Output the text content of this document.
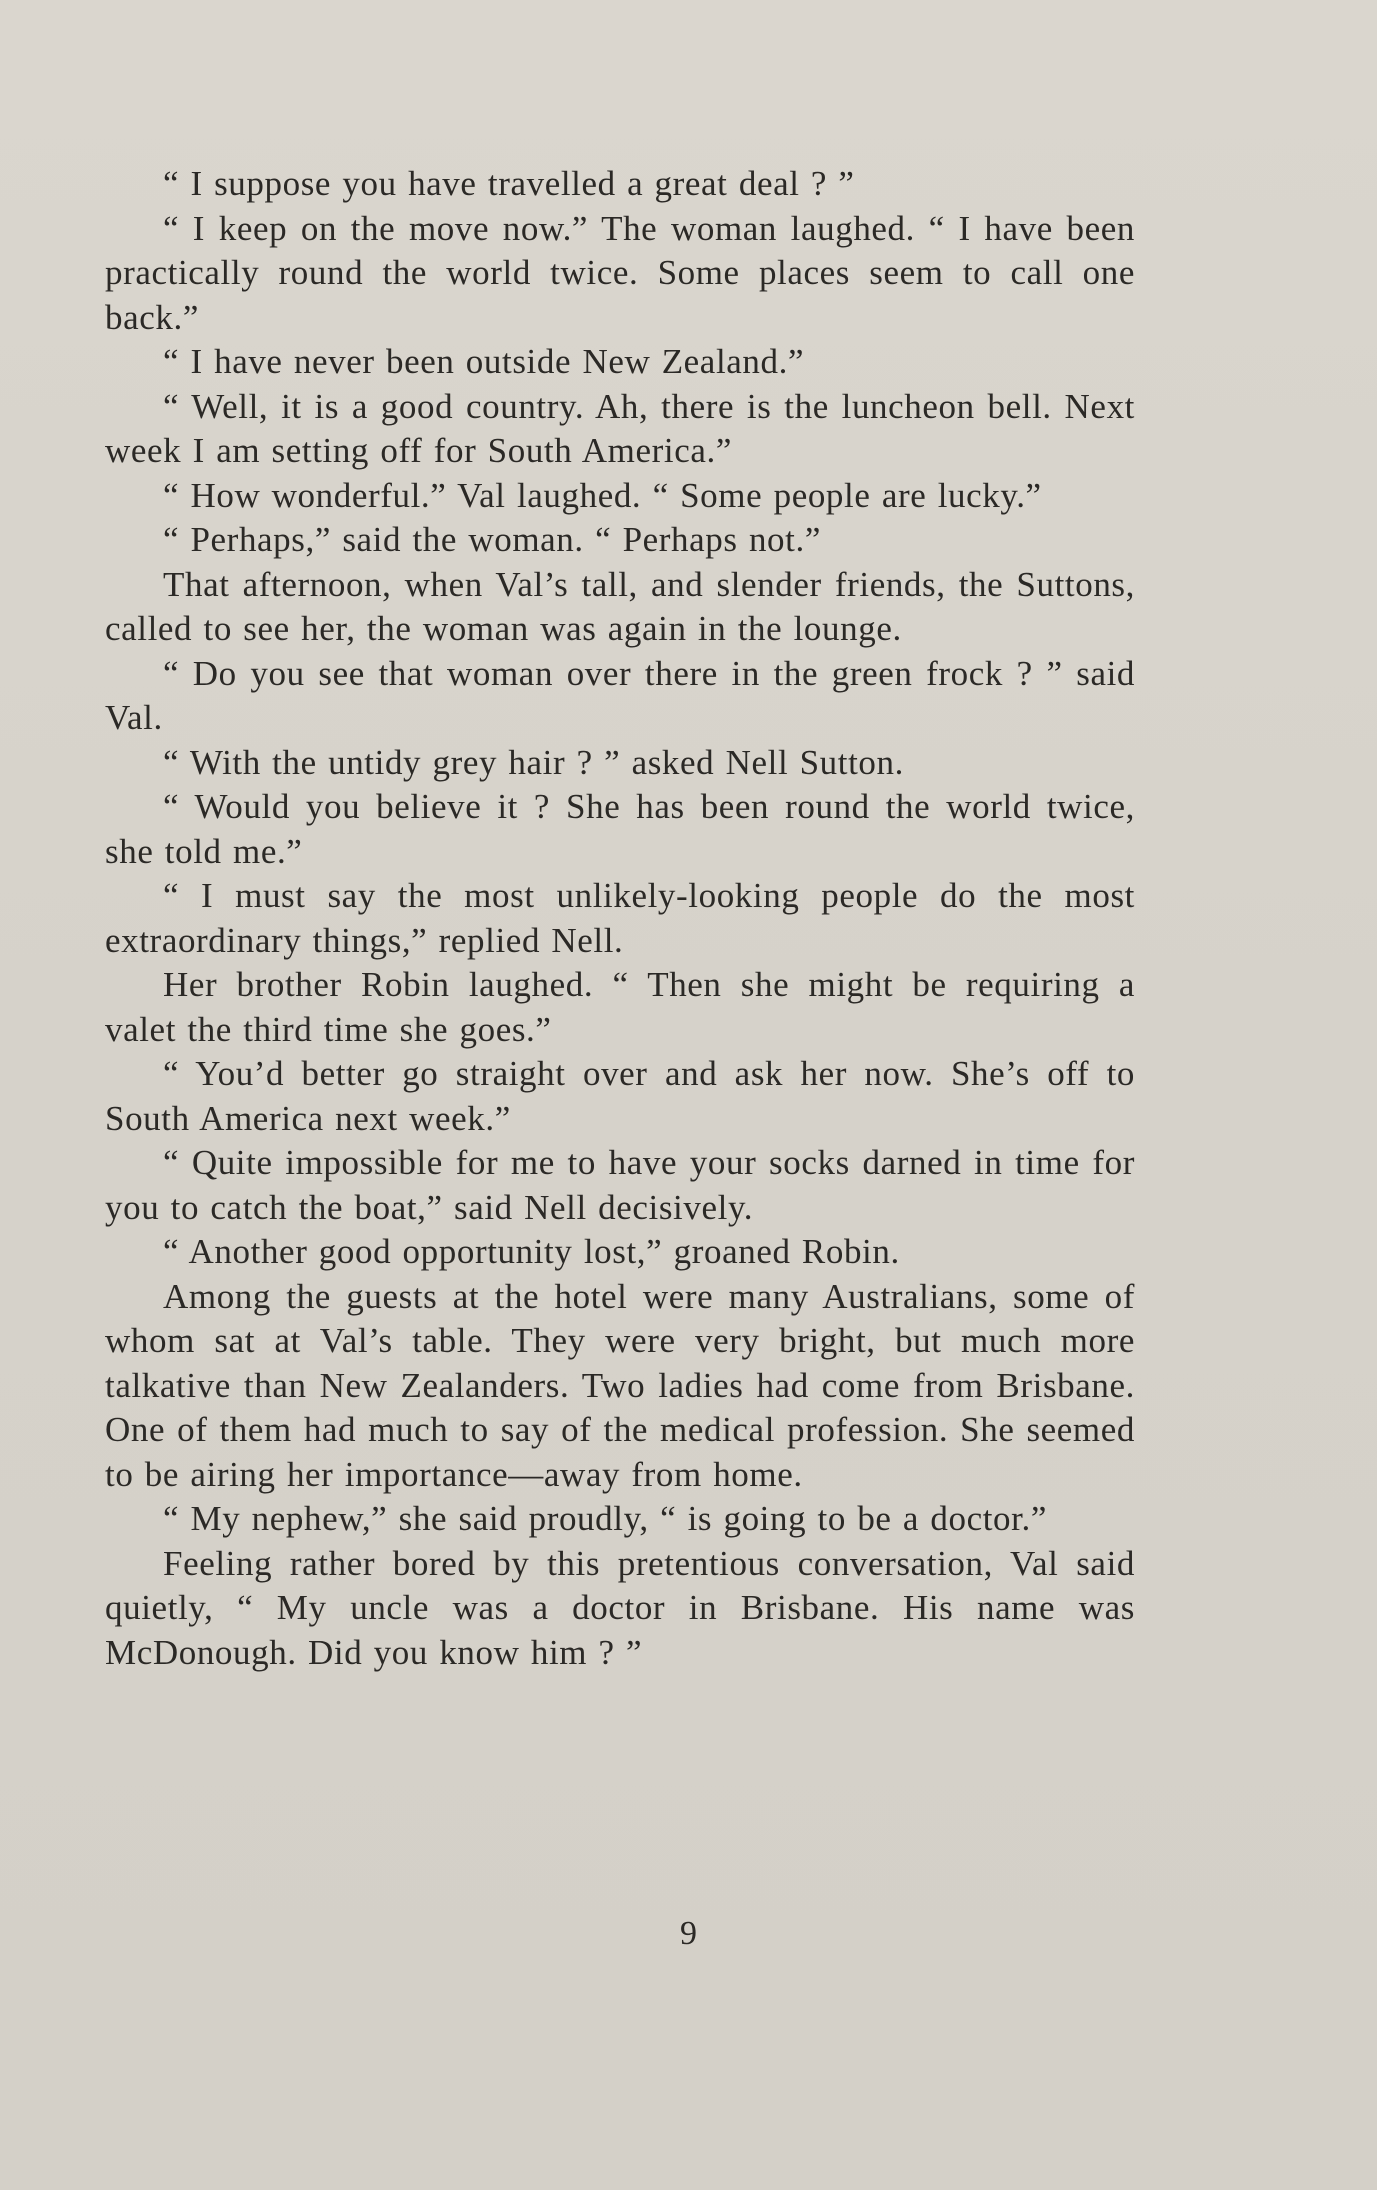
“ I suppose you have travelled a great deal ? ”

“ I keep on the move now.” The woman laughed. “ I have been practically round the world twice. Some places seem to call one back.”

“ I have never been outside New Zealand.”

“ Well, it is a good country. Ah, there is the luncheon bell. Next week I am setting off for South America.”

“ How wonderful.” Val laughed. “ Some people are lucky.”

“ Perhaps,” said the woman. “ Perhaps not.”

That afternoon, when Val’s tall, and slender friends, the Suttons, called to see her, the woman was again in the lounge.

“ Do you see that woman over there in the green frock ? ” said Val.

“ With the untidy grey hair ? ” asked Nell Sutton.

“ Would you believe it ? She has been round the world twice, she told me.”

“ I must say the most unlikely-looking people do the most extraordinary things,” replied Nell.

Her brother Robin laughed. “ Then she might be requiring a valet the third time she goes.”

“ You’d better go straight over and ask her now. She’s off to South America next week.”

“ Quite impossible for me to have your socks darned in time for you to catch the boat,” said Nell decisively.

“ Another good opportunity lost,” groaned Robin.

Among the guests at the hotel were many Australians, some of whom sat at Val’s table. They were very bright, but much more talkative than New Zealanders. Two ladies had come from Brisbane. One of them had much to say of the medical profession. She seemed to be airing her importance—away from home.

“ My nephew,” she said proudly, “ is going to be a doctor.”

Feeling rather bored by this pretentious conversation, Val said quietly, “ My uncle was a doctor in Brisbane. His name was McDonough. Did you know him ? ”

9
